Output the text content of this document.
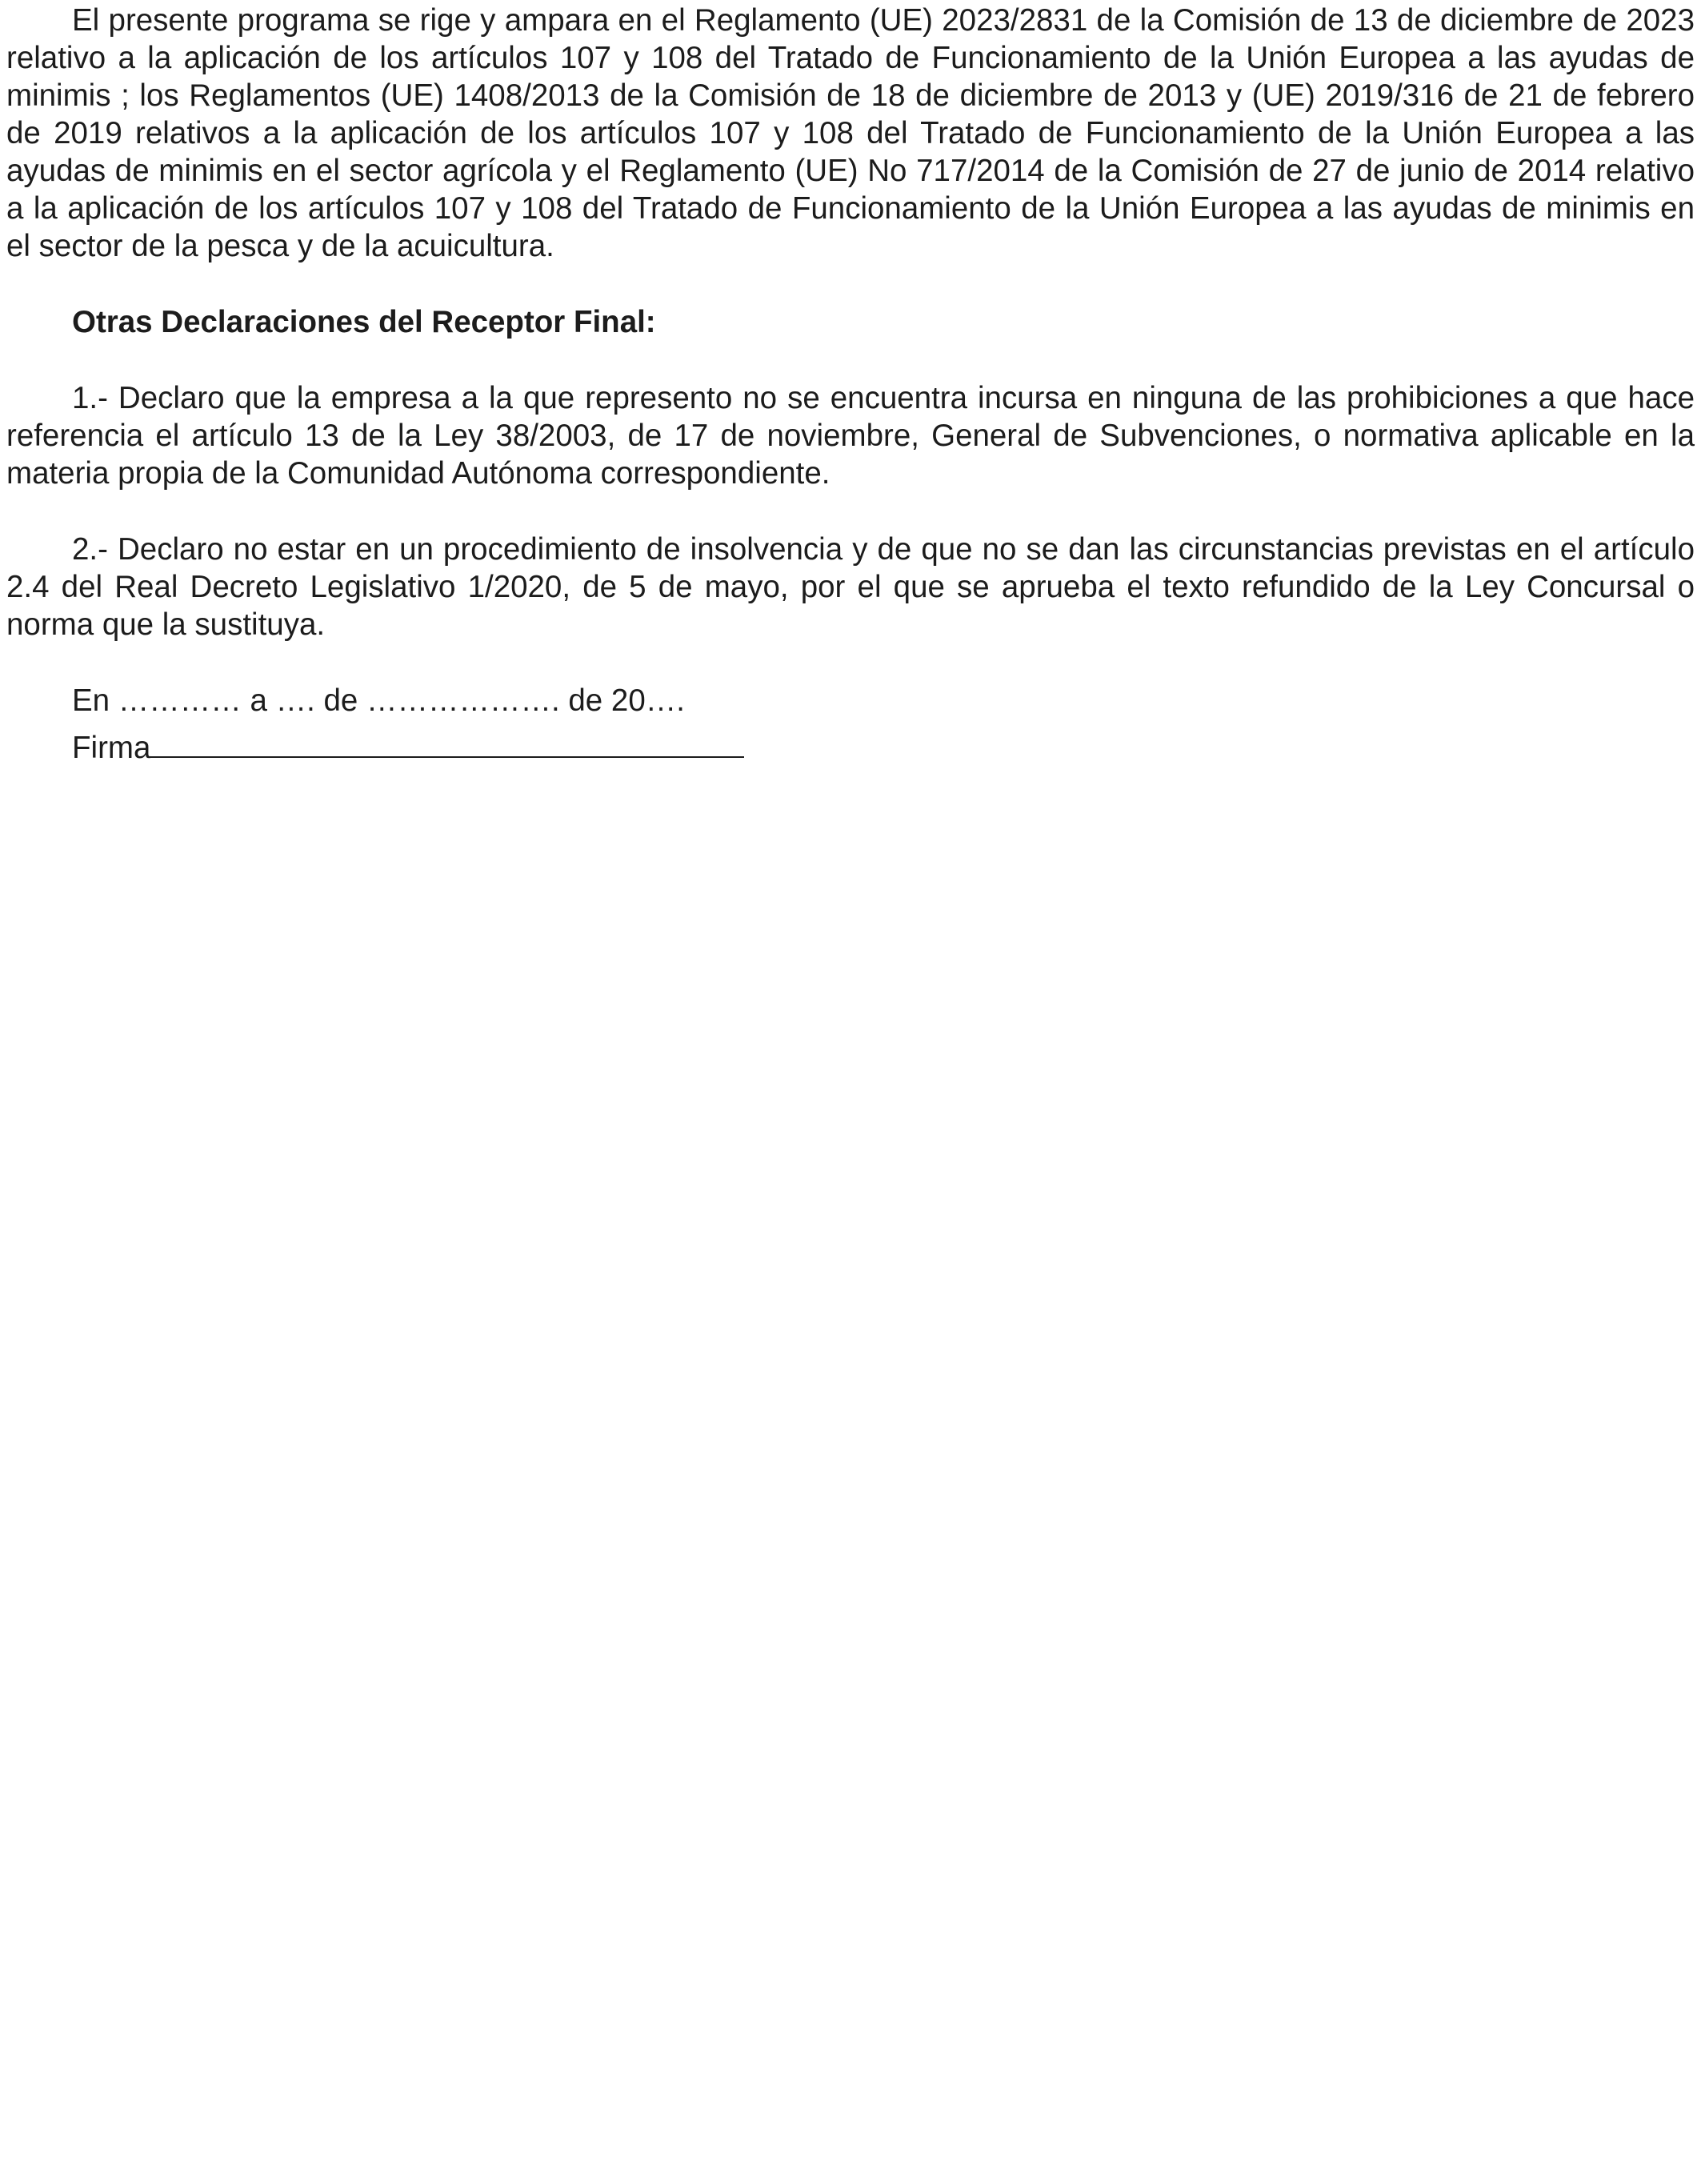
El presente programa se rige y ampara en el Reglamento (UE) 2023/2831 de la Comisión de 13 de diciembre de 2023 relativo a la aplicación de los artículos 107 y 108 del Tratado de Funcionamiento de la Unión Europea a las ayudas de minimis ; los Reglamentos (UE) 1408/2013 de la Comisión de 18 de diciembre de 2013 y (UE) 2019/316 de 21 de febrero de 2019 relativos a la aplicación de los artículos 107 y 108 del Tratado de Funcionamiento de la Unión Europea a las ayudas de minimis en el sector agrícola y el Reglamento (UE) No 717/2014 de la Comisión de 27 de junio de 2014 relativo a la aplicación de los artículos 107 y 108 del Tratado de Funcionamiento de la Unión Europea a las ayudas de minimis en el sector de la pesca y de la acuicultura.

Otras Declaraciones del Receptor Final:

1.- Declaro que la empresa a la que represento no se encuentra incursa en ninguna de las prohibiciones a que hace referencia el artículo 13 de la Ley 38/2003, de 17 de noviembre, General de Subvenciones, o normativa aplicable en la materia propia de la Comunidad Autónoma correspondiente.

2.- Declaro no estar en un procedimiento de insolvencia y de que no se dan las circunstancias previstas en el artículo 2.4 del Real Decreto Legislativo 1/2020, de 5 de mayo, por el que se aprueba el texto refundido de la Ley Concursal o norma que la sustituya.

En ………… a …. de ………………. de 20….

Firma
